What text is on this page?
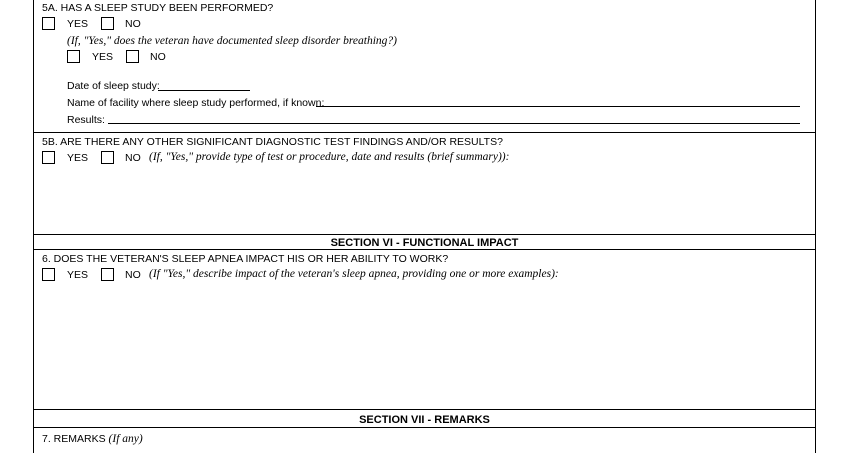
5A. HAS A SLEEP STUDY BEEN PERFORMED?
YES	NO
(If, "Yes," does the veteran have documented sleep disorder breathing?)
YES	NO
Date of sleep study:
Name of facility where sleep study performed, if known:
Results:
5B. ARE THERE ANY OTHER SIGNIFICANT DIAGNOSTIC TEST FINDINGS AND/OR RESULTS?
YES	NO (If, "Yes," provide type of test or procedure, date and results (brief summary)):
SECTION VI - FUNCTIONAL IMPACT
6. DOES THE VETERAN'S SLEEP APNEA IMPACT HIS OR HER ABILITY TO WORK?
YES	NO (If "Yes," describe impact of the veteran's sleep apnea, providing one or more examples):
SECTION VII - REMARKS
7. REMARKS (If any)
